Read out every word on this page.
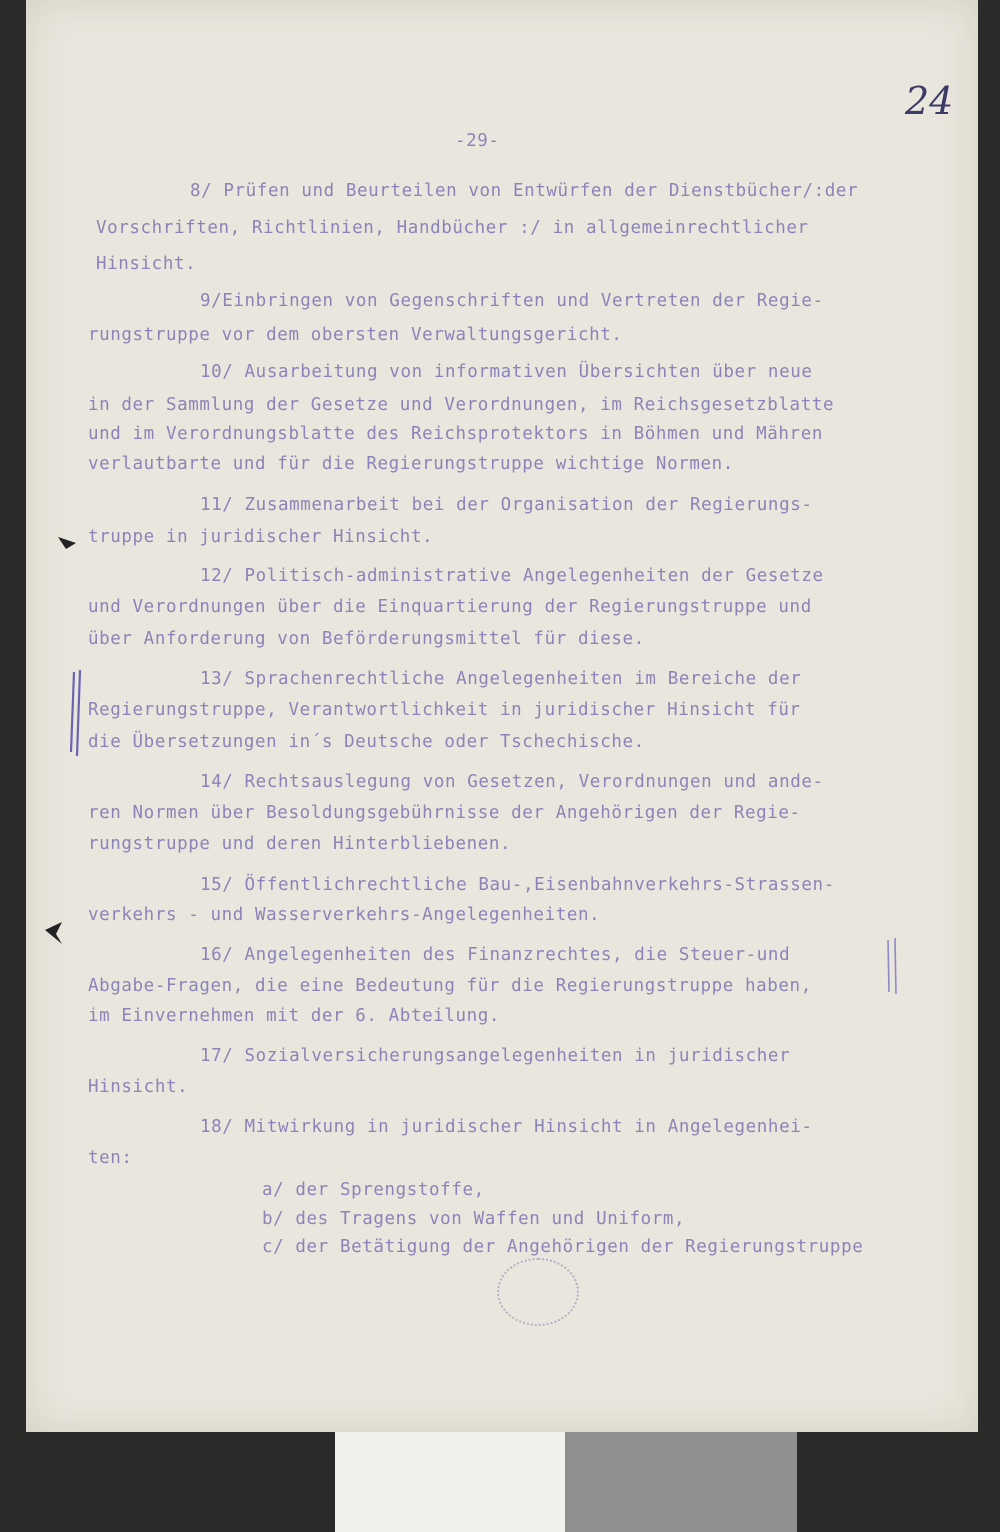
24
-29-
8/ Prüfen und Beurteilen von Entwürfen der Dienstbücher/:der
Vorschriften, Richtlinien, Handbücher :/ in allgemeinrechtlicher
Hinsicht.
9/Einbringen von Gegenschriften und Vertreten der Regie-
rungstruppe vor dem obersten Verwaltungsgericht.
10/ Ausarbeitung von informativen Übersichten über neue
in der Sammlung der Gesetze und Verordnungen, im Reichsgesetzblatte
und im Verordnungsblatte des Reichsprotektors in Böhmen und Mähren
verlautbarte und für die Regierungstruppe wichtige Normen.
11/ Zusammenarbeit bei der Organisation der Regierungs-
truppe in juridischer Hinsicht.
12/ Politisch-administrative Angelegenheiten der Gesetze
und Verordnungen über die Einquartierung der Regierungstruppe und
über Anforderung von Beförderungsmittel für diese.
13/ Sprachenrechtliche Angelegenheiten im Bereiche der
Regierungstruppe, Verantwortlichkeit in juridischer Hinsicht für
die Übersetzungen in´s Deutsche oder Tschechische.
14/ Rechtsauslegung von Gesetzen, Verordnungen und ande-
ren Normen über Besoldungsgebührnisse der Angehörigen der Regie-
rungstruppe und deren Hinterbliebenen.
15/ Öffentlichrechtliche Bau-,Eisenbahnverkehrs-Strassen-
verkehrs - und Wasserverkehrs-Angelegenheiten.
16/ Angelegenheiten des Finanzrechtes, die Steuer-und
Abgabe-Fragen, die eine Bedeutung für die Regierungstruppe haben,
im Einvernehmen mit der 6. Abteilung.
17/ Sozialversicherungsangelegenheiten in juridischer
Hinsicht.
18/ Mitwirkung in juridischer Hinsicht in Angelegenhei-
ten:
a/ der Sprengstoffe,
b/ des Tragens von Waffen und Uniform,
c/ der Betätigung der Angehörigen der Regierungstruppe
